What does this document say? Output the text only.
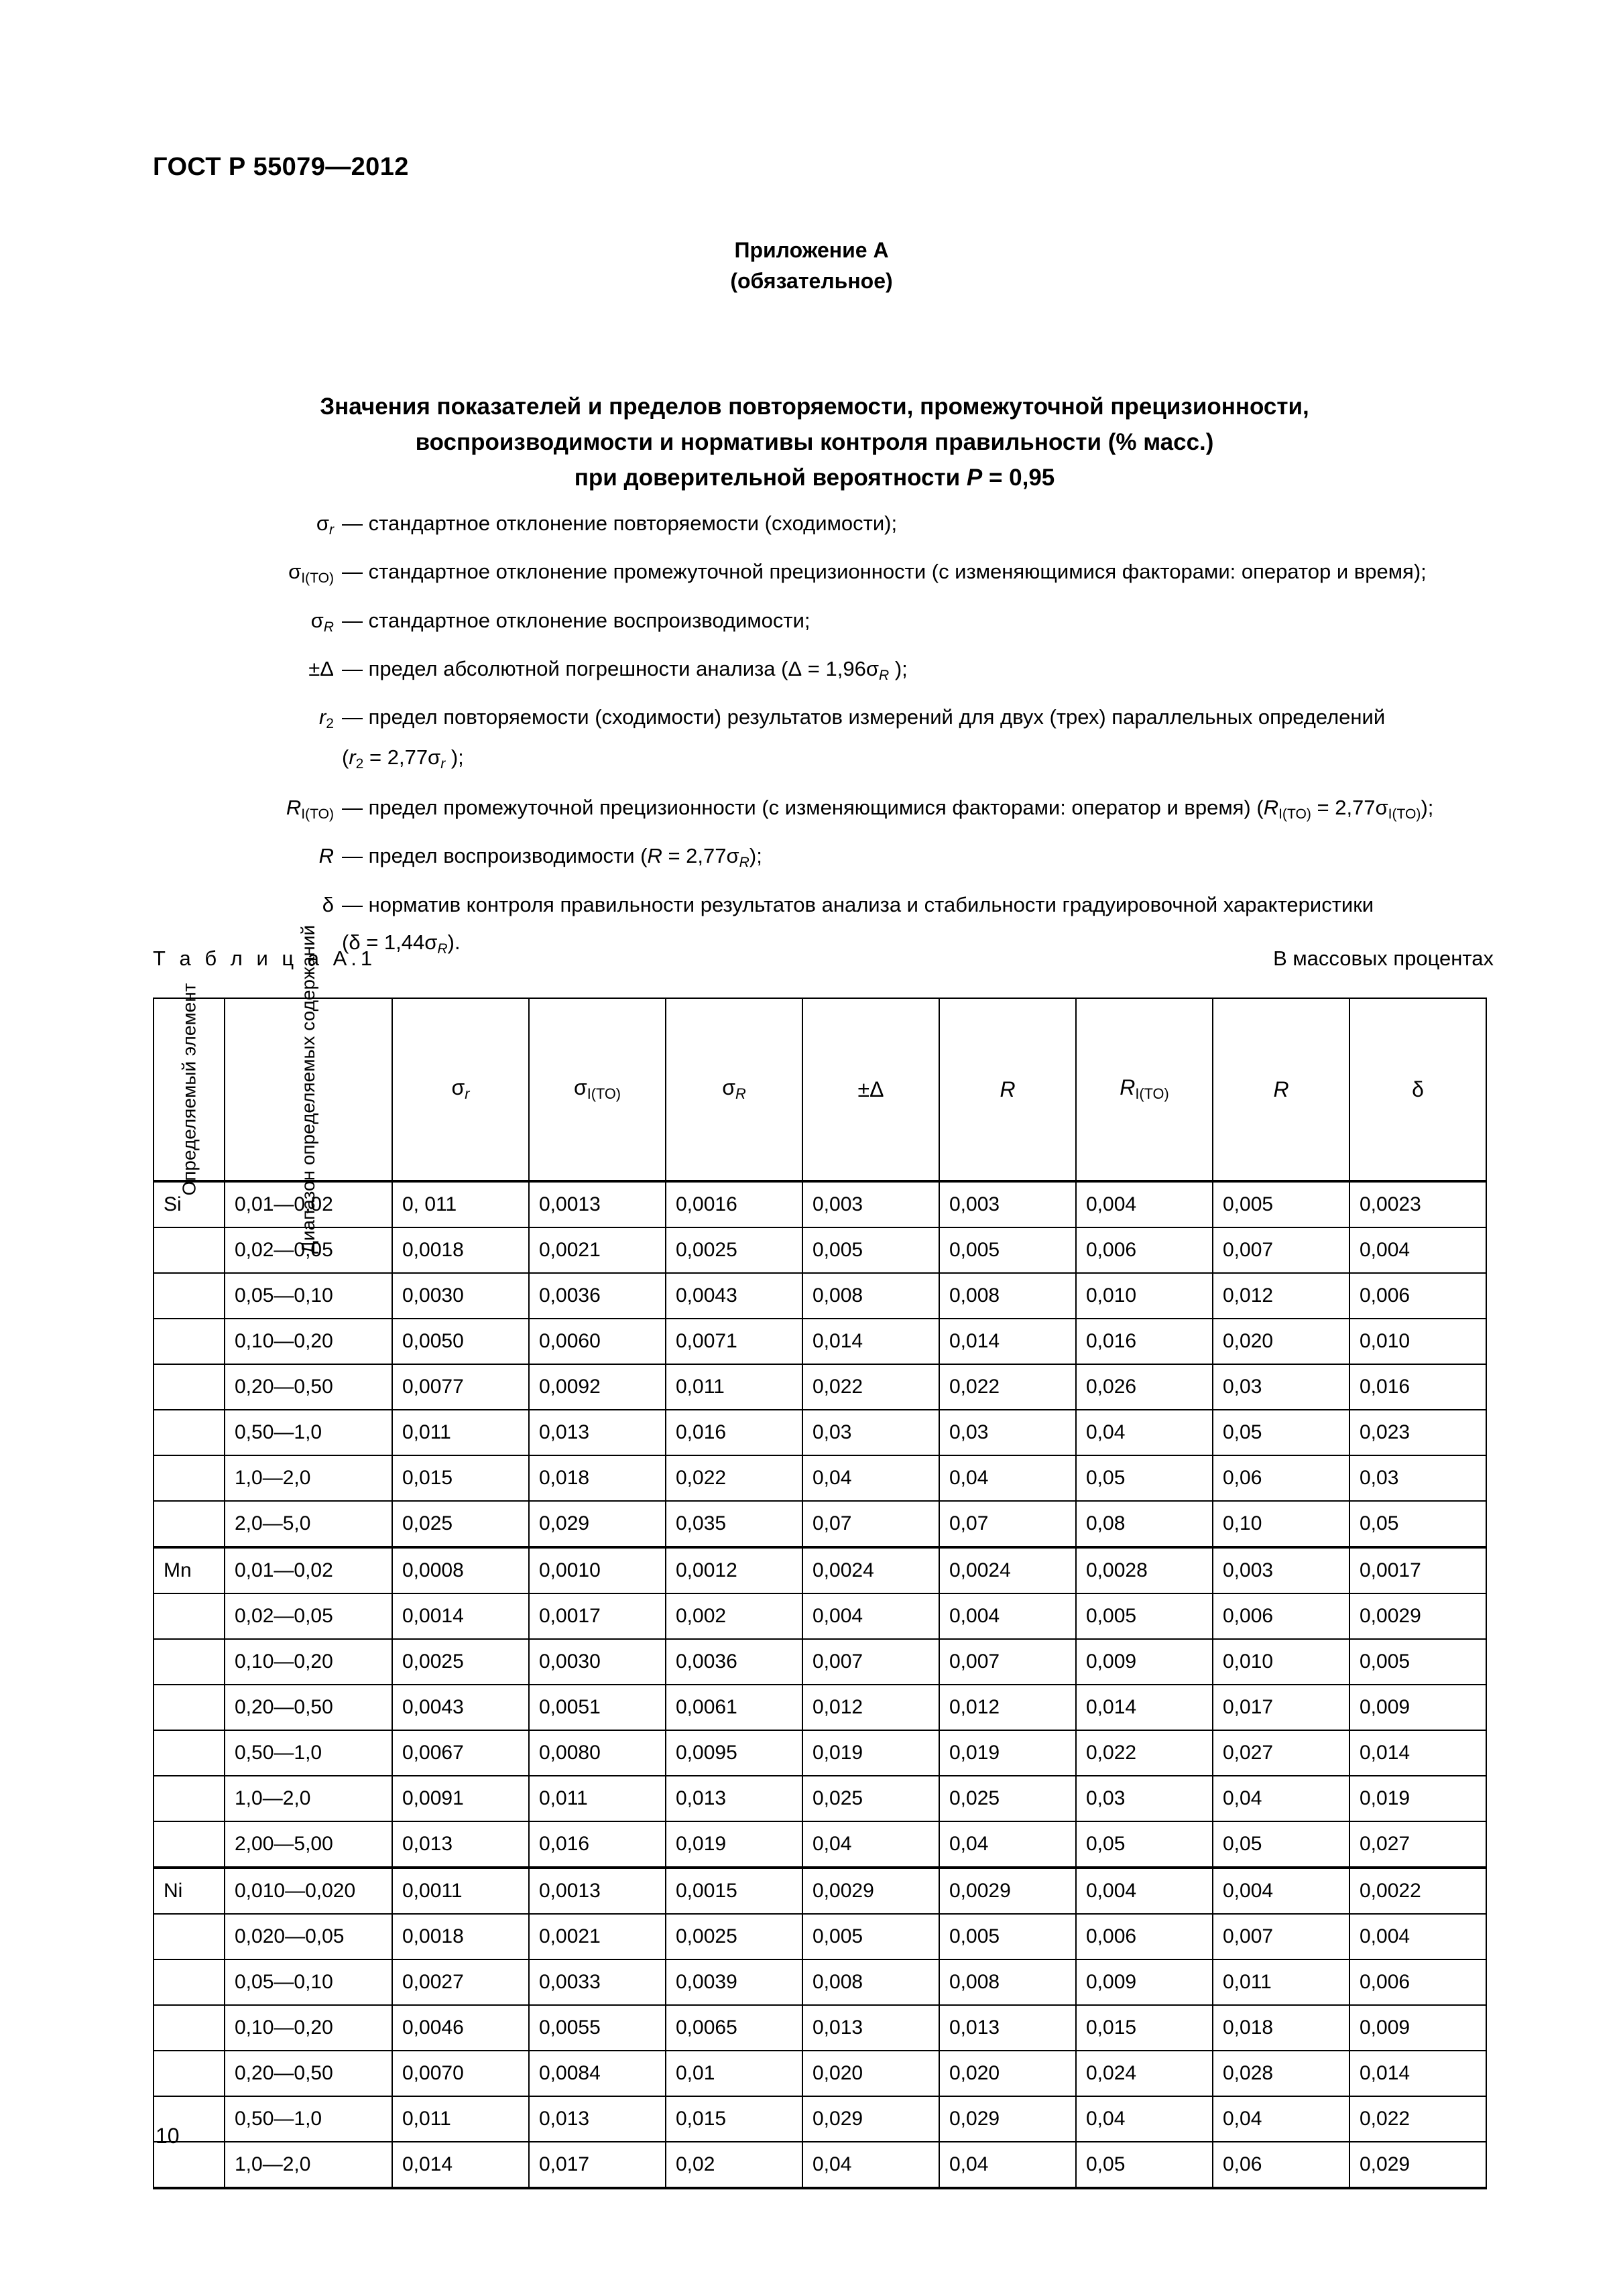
ГОСТ Р 55079—2012
Приложение А
(обязательное)
Значения показателей и пределов повторяемости, промежуточной прецизионности,
воспроизводимости и нормативы контроля правильности (% масс.)
при доверительной вероятности P = 0,95
$\sigma_r$ — стандартное отклонение повторяемости (сходимости);
$\sigma_{I(TO)}$ — стандартное отклонение промежуточной прецизионности (с изменяющимися факторами: оператор и время);
$\sigma_R$ — стандартное отклонение воспроизводимости;
±Δ — предел абсолютной погрешности анализа ($\Delta = 1,96\sigma_R$ );
$r_2$ — предел повторяемости (сходимости) результатов измерений для двух (трех) параллельных определений
($r_2 = 2,77\sigma_r$ );
$R_{I(TO)}$ — предел промежуточной прецизионности (с изменяющимися факторами: оператор и время) $(R_{I(TO)} = 2,77\sigma_{I(TO)})$;
R — предел воспроизводимости $(R = 2,77\sigma_R)$;
δ — норматив контроля правильности результатов анализа и стабильности градуировочной характеристики
$(\delta = 1,44\sigma_R)$.
Т а б л и ц а А.1	В массовых процентах
Определяемый элемент	Диапазон определяемых содержаний	$\sigma_r$	$\sigma_{I(TO)}$	$\sigma_R$	±Δ	R	$R_{I(TO)}$	R	δ
Si	0,01—0,02	0, 011	0,0013	0,0016	0,003	0,003	0,004	0,005	0,0023
	0,02—0,05	0,0018	0,0021	0,0025	0,005	0,005	0,006	0,007	0,004
	0,05—0,10	0,0030	0,0036	0,0043	0,008	0,008	0,010	0,012	0,006
	0,10—0,20	0,0050	0,0060	0,0071	0,014	0,014	0,016	0,020	0,010
	0,20—0,50	0,0077	0,0092	0,011	0,022	0,022	0,026	0,03	0,016
	0,50—1,0	0,011	0,013	0,016	0,03	0,03	0,04	0,05	0,023
	1,0—2,0	0,015	0,018	0,022	0,04	0,04	0,05	0,06	0,03
	2,0—5,0	0,025	0,029	0,035	0,07	0,07	0,08	0,10	0,05
Mn	0,01—0,02	0,0008	0,0010	0,0012	0,0024	0,0024	0,0028	0,003	0,0017
	0,02—0,05	0,0014	0,0017	0,002	0,004	0,004	0,005	0,006	0,0029
	0,10—0,20	0,0025	0,0030	0,0036	0,007	0,007	0,009	0,010	0,005
	0,20—0,50	0,0043	0,0051	0,0061	0,012	0,012	0,014	0,017	0,009
	0,50—1,0	0,0067	0,0080	0,0095	0,019	0,019	0,022	0,027	0,014
	1,0—2,0	0,0091	0,011	0,013	0,025	0,025	0,03	0,04	0,019
	2,00—5,00	0,013	0,016	0,019	0,04	0,04	0,05	0,05	0,027
Ni	0,010—0,020	0,0011	0,0013	0,0015	0,0029	0,0029	0,004	0,004	0,0022
	0,020—0,05	0,0018	0,0021	0,0025	0,005	0,005	0,006	0,007	0,004
	0,05—0,10	0,0027	0,0033	0,0039	0,008	0,008	0,009	0,011	0,006
	0,10—0,20	0,0046	0,0055	0,0065	0,013	0,013	0,015	0,018	0,009
	0,20—0,50	0,0070	0,0084	0,01	0,020	0,020	0,024	0,028	0,014
	0,50—1,0	0,011	0,013	0,015	0,029	0,029	0,04	0,04	0,022
	1,0—2,0	0,014	0,017	0,02	0,04	0,04	0,05	0,06	0,029
10
